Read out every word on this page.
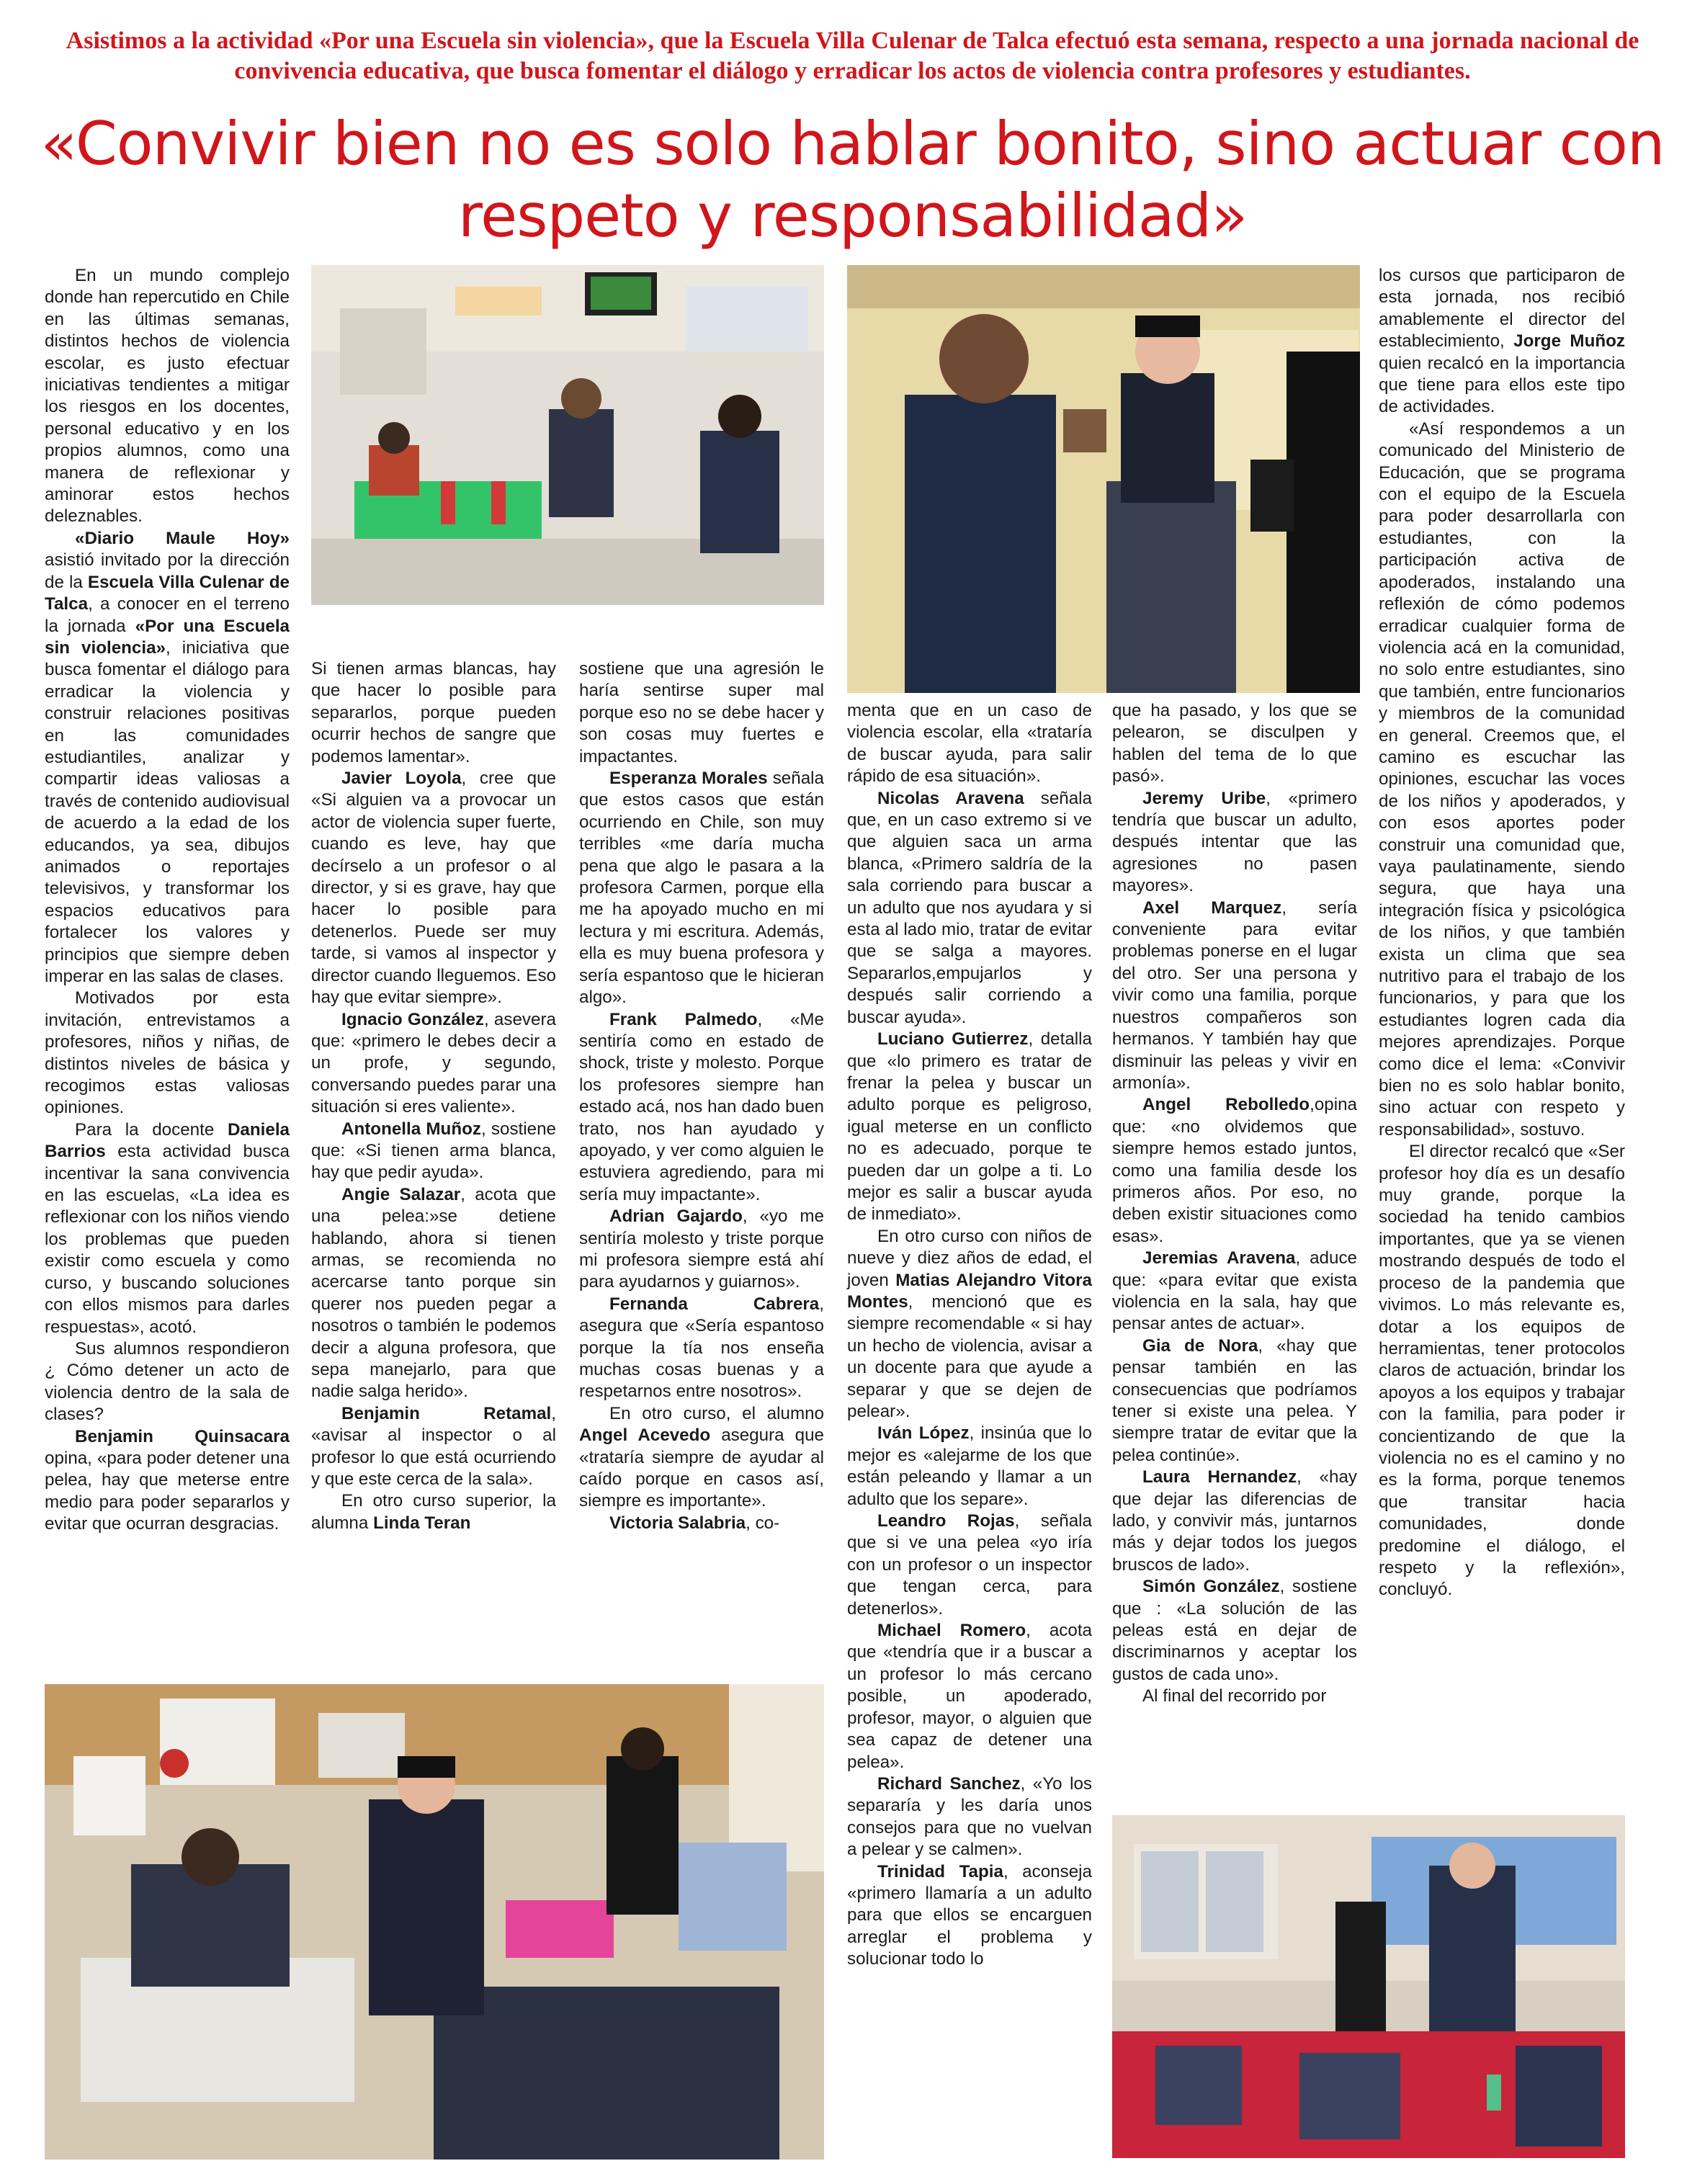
Asistimos a la actividad «Por una Escuela sin violencia», que la Escuela Villa Culenar de Talca efectuó esta semana, respecto a una jornada nacional de convivencia educativa, que busca fomentar el diálogo y erradicar los actos de violencia contra profesores y estudiantes.
«Convivir bien no es solo hablar bonito, sino actuar con respeto y responsabilidad»

En un mundo complejo donde han repercutido en Chile en las últimas semanas, distintos hechos de violencia escolar, es justo efectuar iniciativas tendientes a mitigar los riesgos en los docentes, personal educativo y en los propios alumnos, como una manera de reflexionar y aminorar estos hechos deleznables.

«Diario Maule Hoy» asistió invitado por la dirección de la Escuela Villa Culenar de Talca, a conocer en el terreno la jornada «Por una Escuela sin violencia», iniciativa que busca fomentar el diálogo para erradicar la violencia y construir relaciones positivas en las comunidades estudiantiles, analizar y compartir ideas valiosas a través de contenido audiovisual de acuerdo a la edad de los educandos, ya sea, dibujos animados o reportajes televisivos, y transformar los espacios educativos para fortalecer los valores y principios que siempre deben imperar en las salas de clases.

Motivados por esta invitación, entrevistamos a profesores, niños y niñas, de distintos niveles de básica y recogimos estas valiosas opiniones.

Para la docente Daniela Barrios esta actividad busca incentivar la sana convivencia en las escuelas, «La idea es reflexionar con los niños viendo los problemas que pueden existir como escuela y como curso, y buscando soluciones con ellos mismos para darles respuestas», acotó.

Sus alumnos respondieron ¿ Cómo detener un acto de violencia dentro de la sala de clases?

Benjamin Quinsacara opina, «para poder detener una pelea, hay que meterse entre medio para poder separarlos y evitar que ocurran desgracias.

Si tienen armas blancas, hay que hacer lo posible para separarlos, porque pueden ocurrir hechos de sangre que podemos lamentar».

Javier Loyola, cree que «Si alguien va a provocar un actor de violencia super fuerte, cuando es leve, hay que decírselo a un profesor o al director, y si es grave, hay que hacer lo posible para detenerlos. Puede ser muy tarde, si vamos al inspector y director cuando lleguemos. Eso hay que evitar siempre».

Ignacio González, asevera que: «primero le debes decir a un profe, y segundo, conversando puedes parar una situación si eres valiente».

Antonella Muñoz, sostiene que: «Si tienen arma blanca, hay que pedir ayuda».

Angie Salazar, acota que una pelea:»se detiene hablando, ahora si tienen armas, se recomienda no acercarse tanto porque sin querer nos pueden pegar a nosotros o también le podemos decir a alguna profesora, que sepa manejarlo, para que nadie salga herido».

Benjamin Retamal, «avisar al inspector o al profesor lo que está ocurriendo y que este cerca de la sala».

En otro curso superior, la alumna Linda Teran

sostiene que una agresión le haría sentirse super mal porque eso no se debe hacer y son cosas muy fuertes e impactantes.

Esperanza Morales señala que estos casos que están ocurriendo en Chile, son muy terribles «me daría mucha pena que algo le pasara a la profesora Carmen, porque ella me ha apoyado mucho en mi lectura y mi escritura. Además, ella es muy buena profesora y sería espantoso que le hicieran algo».

Frank Palmedo, «Me sentiría como en estado de shock, triste y molesto. Porque los profesores siempre han estado acá, nos han dado buen trato, nos han ayudado y apoyado, y ver como alguien le estuviera agrediendo, para mi sería muy impactante».

Adrian Gajardo, «yo me sentiría molesto y triste porque mi profesora siempre está ahí para ayudarnos y guiarnos».

Fernanda Cabrera, asegura que «Sería espantoso porque la tía nos enseña muchas cosas buenas y a respetarnos entre nosotros».

En otro curso, el alumno Angel Acevedo asegura que «trataría siempre de ayudar al caído porque en casos así, siempre es importante».

Victoria Salabria, co-

menta que en un caso de violencia escolar, ella «trataría de buscar ayuda, para salir rápido de esa situación».

Nicolas Aravena señala que, en un caso extremo si ve que alguien saca un arma blanca, «Primero saldría de la sala corriendo para buscar a un adulto que nos ayudara y si esta al lado mio, tratar de evitar que se salga a mayores. Separarlos,empujarlos y después salir corriendo a buscar ayuda».

Luciano Gutierrez, detalla que «lo primero es tratar de frenar la pelea y buscar un adulto porque es peligroso, igual meterse en un conflicto no es adecuado, porque te pueden dar un golpe a ti. Lo mejor es salir a buscar ayuda de inmediato».

En otro curso con niños de nueve y diez años de edad, el joven Matias Alejandro Vitora Montes, mencionó que es siempre recomendable « si hay un hecho de violencia, avisar a un docente para que ayude a separar y que se dejen de pelear».

Iván López, insinúa que lo mejor es «alejarme de los que están peleando y llamar a un adulto que los separe».

Leandro Rojas, señala que si ve una pelea «yo iría con un profesor o un inspector que tengan cerca, para detenerlos».

Michael Romero, acota que «tendría que ir a buscar a un profesor lo más cercano posible, un apoderado, profesor, mayor, o alguien que sea capaz de detener una pelea».

Richard Sanchez, «Yo los separaría y les daría unos consejos para que no vuelvan a pelear y se calmen».

Trinidad Tapia, aconseja «primero llamaría a un adulto para que ellos se encarguen arreglar el problema y solucionar todo lo

que ha pasado, y los que se pelearon, se disculpen y hablen del tema de lo que pasó».

Jeremy Uribe, «primero tendría que buscar un adulto, después intentar que las agresiones no pasen mayores».

Axel Marquez, sería conveniente para evitar problemas ponerse en el lugar del otro. Ser una persona y vivir como una familia, porque nuestros compañeros son hermanos. Y también hay que disminuir las peleas y vivir en armonía».

Angel Rebolledo,opina que: «no olvidemos que siempre hemos estado juntos, como una familia desde los primeros años. Por eso, no deben existir situaciones como esas».

Jeremias Aravena, aduce que: «para evitar que exista violencia en la sala, hay que pensar antes de actuar».

Gia de Nora, «hay que pensar también en las consecuencias que podríamos tener si existe una pelea. Y siempre tratar de evitar que la pelea continúe».

Laura Hernandez, «hay que dejar las diferencias de lado, y convivir más, juntarnos más y dejar todos los juegos bruscos de lado».

Simón González, sostiene que : «La solución de las peleas está en dejar de discriminarnos y aceptar los gustos de cada uno».

Al final del recorrido por

los cursos que participaron de esta jornada, nos recibió amablemente el director del establecimiento, Jorge Muñoz quien recalcó en la importancia que tiene para ellos este tipo de actividades.

«Así respondemos a un comunicado del Ministerio de Educación, que se programa con el equipo de la Escuela para poder desarrollarla con estudiantes, con la participación activa de apoderados, instalando una reflexión de cómo podemos erradicar cualquier forma de violencia acá en la comunidad, no solo entre estudiantes, sino que también, entre funcionarios y miembros de la comunidad en general. Creemos que, el camino es escuchar las opiniones, escuchar las voces de los niños y apoderados, y con esos aportes poder construir una comunidad que, vaya paulatinamente, siendo segura, que haya una integración física y psicológica de los niños, y que también exista un clima que sea nutritivo para el trabajo de los funcionarios, y para que los estudiantes logren cada dia mejores aprendizajes. Porque como dice el lema: «Convivir bien no es solo hablar bonito, sino actuar con respeto y responsabilidad», sostuvo.

El director recalcó que «Ser profesor hoy día es un desafío muy grande, porque la sociedad ha tenido cambios importantes, que ya se vienen mostrando después de todo el proceso de la pandemia que vivimos. Lo más relevante es, dotar a los equipos de herramientas, tener protocolos claros de actuación, brindar los apoyos a los equipos y trabajar con la familia, para poder ir concientizando de que la violencia no es el camino y no es la forma, porque tenemos que transitar hacia comunidades, donde predomine el diálogo, el respeto y la reflexión», concluyó.
